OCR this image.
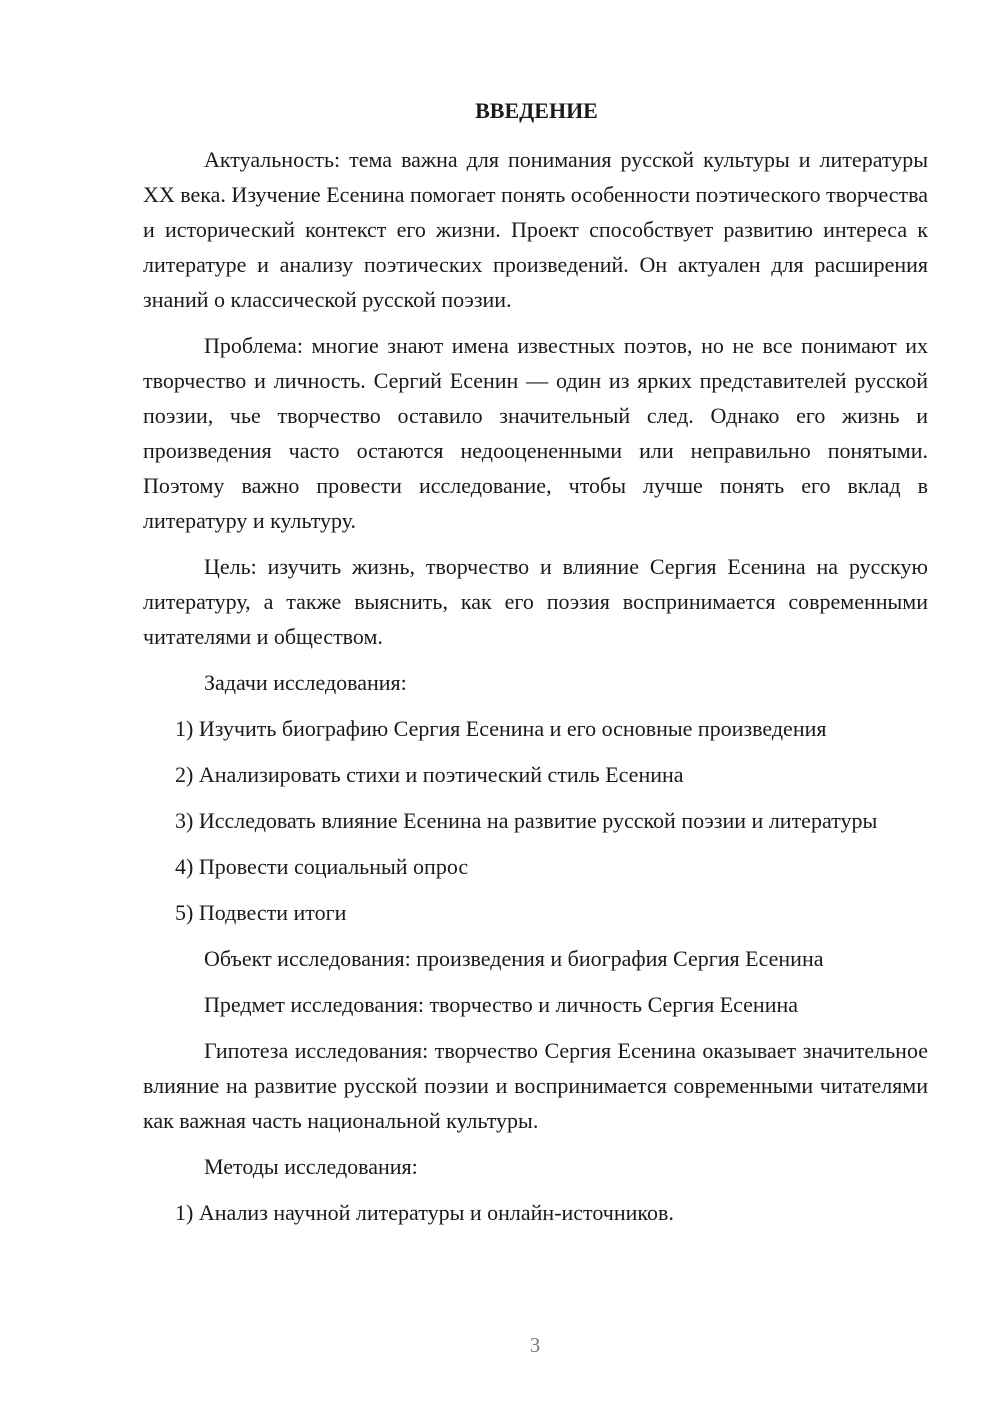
ВВЕДЕНИЕ

Актуальность: тема важна для понимания русской культуры и литературы XX века. Изучение Есенина помогает понять особенности поэтического творчества и исторический контекст его жизни. Проект способствует развитию интереса к литературе и анализу поэтических произведений. Он актуален для расширения знаний о классической русской поэзии.

Проблема: многие знают имена известных поэтов, но не все понимают их творчество и личность. Сергий Есенин — один из ярких представителей русской поэзии, чье творчество оставило значительный след. Однако его жизнь и произведения часто остаются недооцененными или неправильно понятыми. Поэтому важно провести исследование, чтобы лучше понять его вклад в литературу и культуру.

Цель: изучить жизнь, творчество и влияние Сергия Есенина на русскую литературу, а также выяснить, как его поэзия воспринимается современными читателями и обществом.

Задачи исследования:

1) Изучить биографию Сергия Есенина и его основные произведения

2) Анализировать стихи и поэтический стиль Есенина

3) Исследовать влияние Есенина на развитие русской поэзии и литературы

4) Провести социальный опрос

5) Подвести итоги

Объект исследования: произведения и биография Сергия Есенина

Предмет исследования: творчество и личность Сергия Есенина

Гипотеза исследования: творчество Сергия Есенина оказывает значительное влияние на развитие русской поэзии и воспринимается современными читателями как важная часть национальной культуры.

Методы исследования:

1) Анализ научной литературы и онлайн-источников.

3
